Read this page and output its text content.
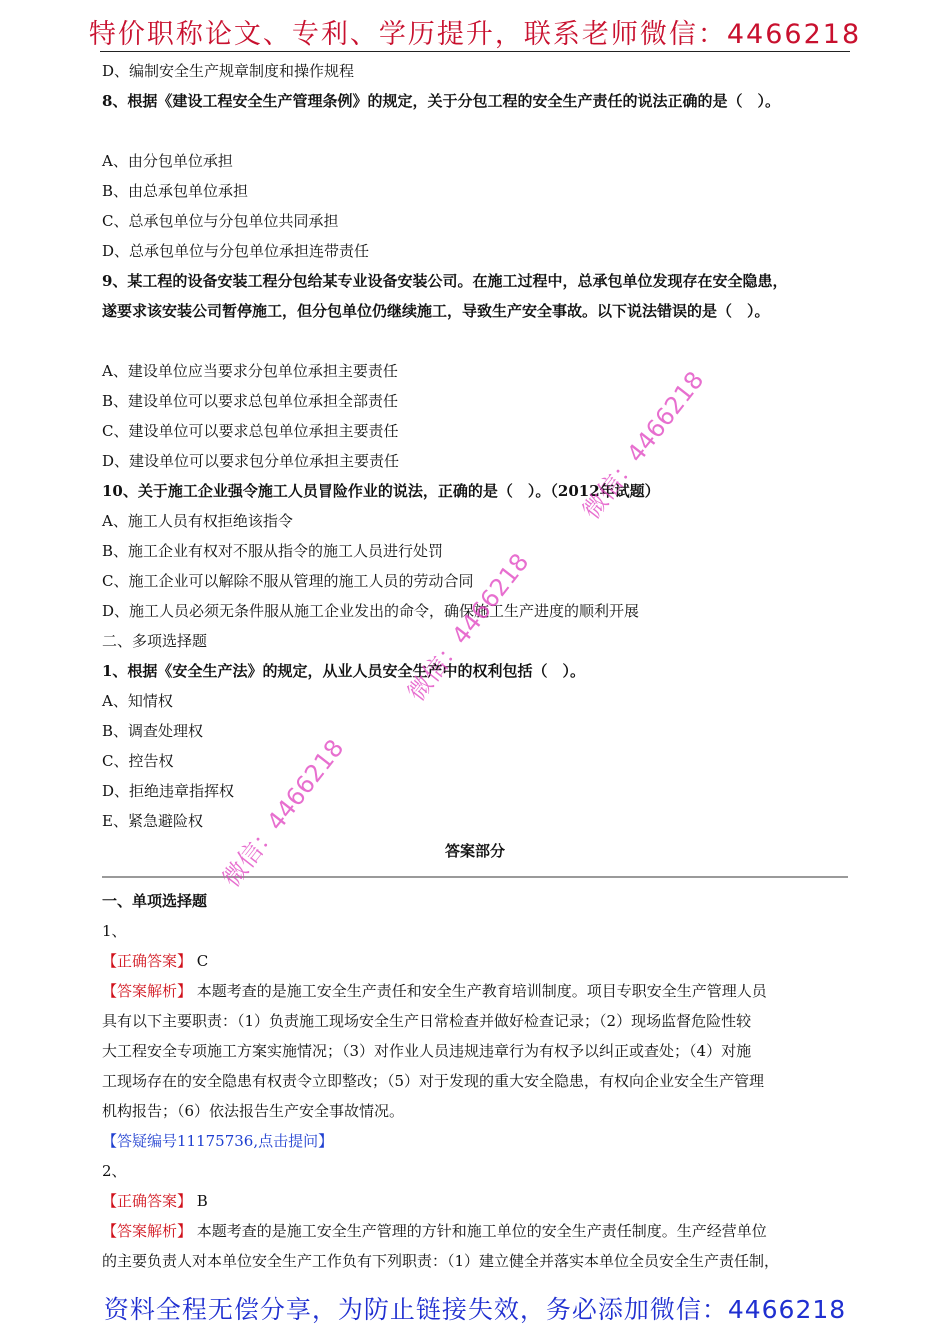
特价职称论文、专利、学历提升，联系老师微信：4466218
D、编制安全生产规章制度和操作规程
8、根据《建设工程安全生产管理条例》的规定，关于分包工程的安全生产责任的说法正确的是（　）。
A、由分包单位承担
B、由总承包单位承担
C、总承包单位与分包单位共同承担
D、总承包单位与分包单位承担连带责任
9、某工程的设备安装工程分包给某专业设备安装公司。在施工过程中，总承包单位发现存在安全隐患，
遂要求该安装公司暂停施工，但分包单位仍继续施工，导致生产安全事故。以下说法错误的是（　）。
A、建设单位应当要求分包单位承担主要责任
B、建设单位可以要求总包单位承担全部责任
C、建设单位可以要求总包单位承担主要责任
D、建设单位可以要求包分单位承担主要责任
10、关于施工企业强令施工人员冒险作业的说法，正确的是（　）。（2012年试题）
A、施工人员有权拒绝该指令
B、施工企业有权对不服从指令的施工人员进行处罚
C、施工企业可以解除不服从管理的施工人员的劳动合同
D、施工人员必须无条件服从施工企业发出的命令，确保施工生产进度的顺利开展
二、多项选择题
1、根据《安全生产法》的规定，从业人员安全生产中的权利包括（　）。
A、知情权
B、调查处理权
C、控告权
D、拒绝违章指挥权
E、紧急避险权
答案部分
一、单项选择题
1、
【正确答案】 C
【答案解析】 本题考查的是施工安全生产责任和安全生产教育培训制度。项目专职安全生产管理人员
具有以下主要职责：（1）负责施工现场安全生产日常检查并做好检查记录；（2）现场监督危险性较
大工程安全专项施工方案实施情况；（3）对作业人员违规违章行为有权予以纠正或查处；（4）对施
工现场存在的安全隐患有权责令立即整改；（5）对于发现的重大安全隐患，有权向企业安全生产管理
机构报告；（6）依法报告生产安全事故情况。
【答疑编号11175736,点击提问】
2、
【正确答案】 B
【答案解析】 本题考查的是施工安全生产管理的方针和施工单位的安全生产责任制度。生产经营单位
的主要负责人对本单位安全生产工作负有下列职责：（1）建立健全并落实本单位全员安全生产责任制，
微信：4466218
微信：4466218
微信：4466218
资料全程无偿分享，为防止链接失效，务必添加微信：4466218
